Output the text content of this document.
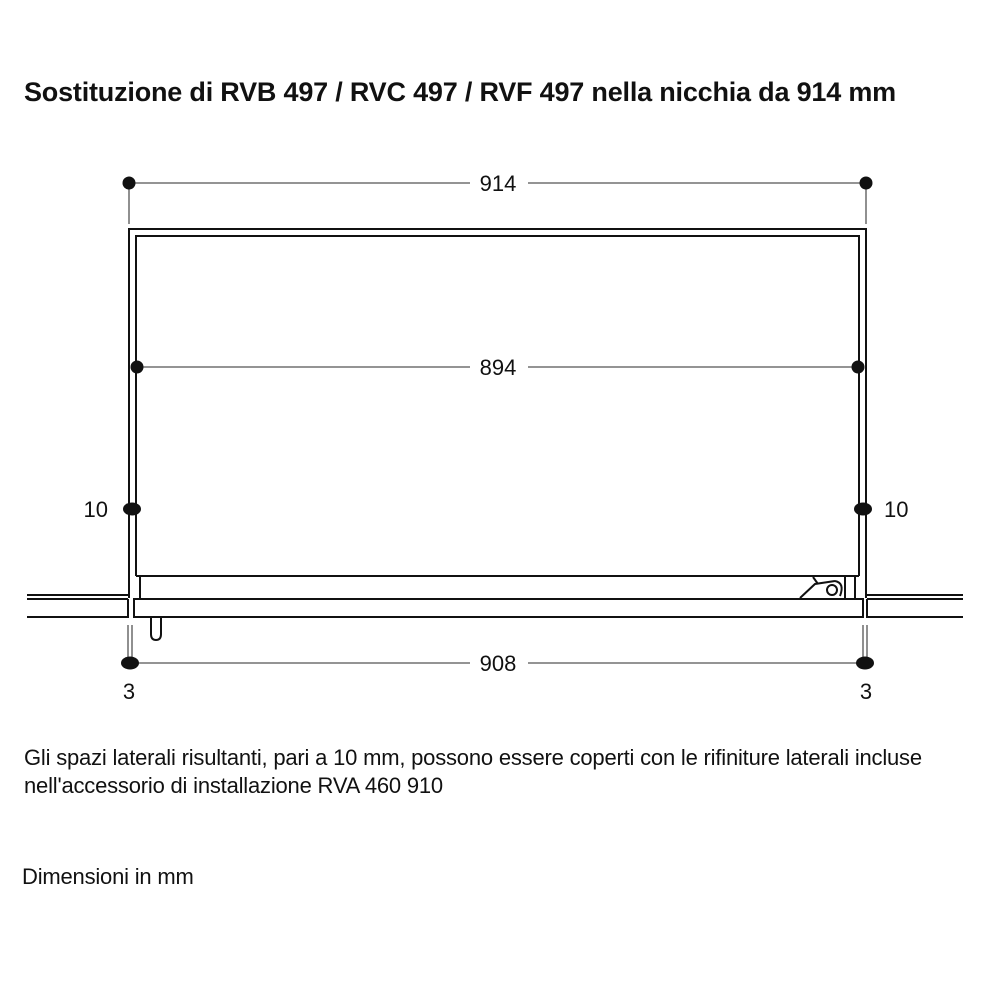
Sostituzione di RVB 497 / RVC 497 / RVF 497 nella nicchia da 914 mm
914
894
10	10
908
3	3
Gli spazi laterali risultanti, pari a 10 mm, possono essere coperti con le rifiniture laterali incluse nell'accessorio di installazione RVA 460 910
Dimensioni in mm
